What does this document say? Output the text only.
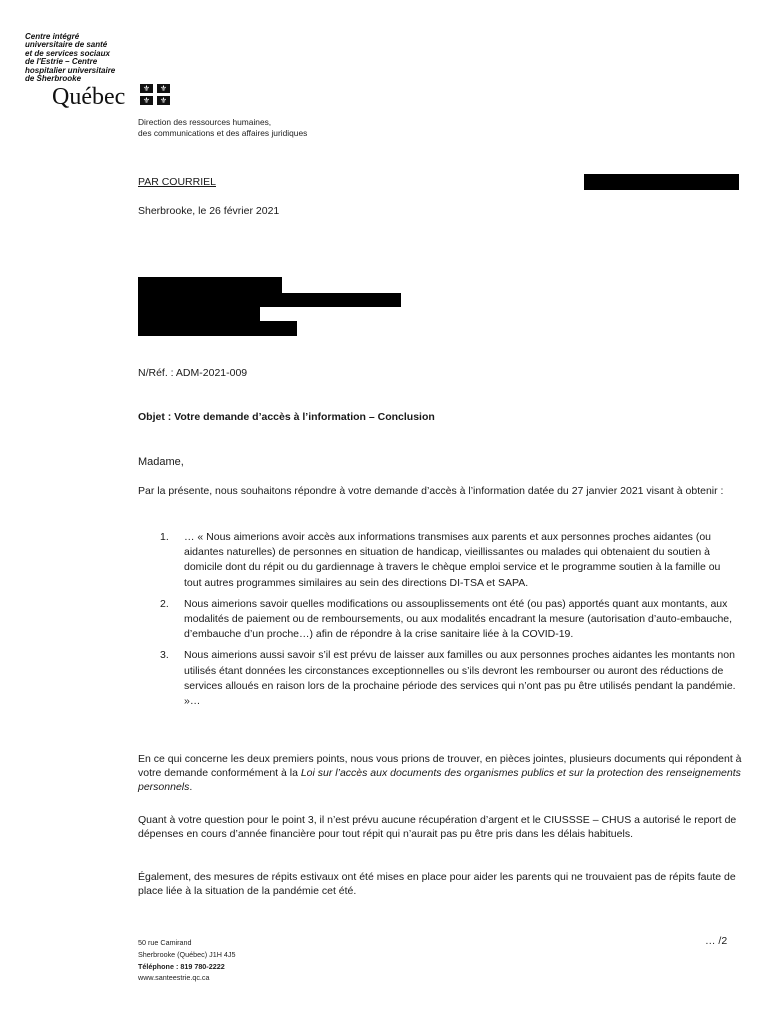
Centre intégré
universitaire de santé
et de services sociaux
de l'Estrie – Centre
hospitalier universitaire
de Sherbrooke
Québec	⚜	⚜
⚜	⚜
Direction des ressources humaines,
des communications et des affaires juridiques
PAR COURRIEL
Sherbrooke, le 26 février 2021
N/Réf. : ADM-2021-009
Objet : Votre demande d’accès à l’information – Conclusion
Madame,
Par la présente, nous souhaitons répondre à votre demande d’accès à l’information datée du 27 janvier 2021 visant à obtenir :
1. … « Nous aimerions avoir accès aux informations transmises aux parents et aux personnes proches aidantes (ou aidantes naturelles) de personnes en situation de handicap, vieillissantes ou malades qui obtenaient du soutien à domicile dont du répit ou du gardiennage à travers le chèque emploi service et le programme soutien à la famille ou tout autres programmes similaires au sein des directions DI-TSA et SAPA.
2. Nous aimerions savoir quelles modifications ou assouplissements ont été (ou pas) apportés quant aux montants, aux modalités de paiement ou de remboursements, ou aux modalités encadrant la mesure (autorisation d’auto-embauche, d’embauche d’un proche…) afin de répondre à la crise sanitaire liée à la COVID-19.
3. Nous aimerions aussi savoir s’il est prévu de laisser aux familles ou aux personnes proches aidantes les montants non utilisés étant données les circonstances exceptionnelles ou s’ils devront les rembourser ou auront des réductions de services alloués en raison lors de la prochaine période des services qui n’ont pas pu être utilisés pendant la pandémie. »…
En ce qui concerne les deux premiers points, nous vous prions de trouver, en pièces jointes, plusieurs documents qui répondent à votre demande conformément à la Loi sur l’accès aux documents des organismes publics et sur la protection des renseignements personnels.
Quant à votre question pour le point 3, il n’est prévu aucune récupération d’argent et le CIUSSSE – CHUS a autorisé le report de dépenses en cours d’année financière pour tout répit qui n’aurait pas pu être pris dans les délais habituels.
Également, des mesures de répits estivaux ont été mises en place pour aider les parents qui ne trouvaient pas de répits faute de place liée à la situation de la pandémie cet été.
50 rue Camirand
Sherbrooke (Québec) J1H 4J5
Téléphone : 819 780-2222
www.santeestrie.qc.ca
… /2
